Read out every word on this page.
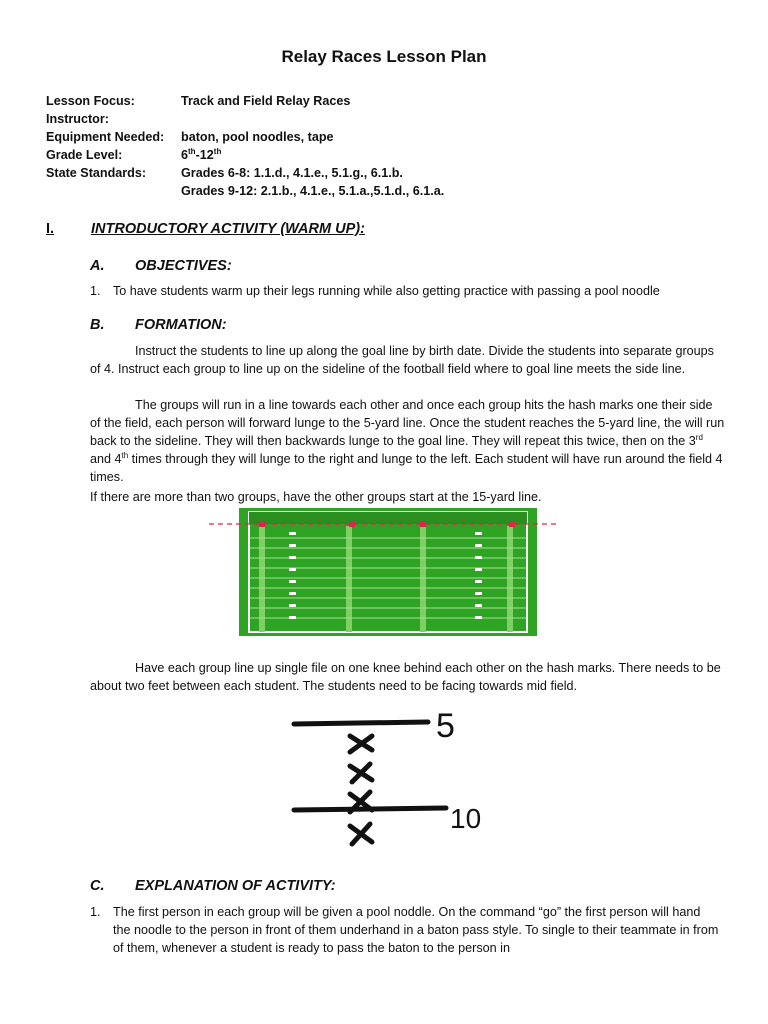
Relay Races Lesson Plan
Lesson Focus:	Track and Field Relay Races
Instructor:
Equipment Needed:	baton, pool noodles, tape
Grade Level:	6th-12th
State Standards:	Grades 6-8: 1.1.d., 4.1.e., 5.1.g., 6.1.b.
Grades 9-12: 2.1.b., 4.1.e., 5.1.a.,5.1.d., 6.1.a.
I.	INTRODUCTORY ACTIVITY (WARM UP):
A. OBJECTIVES:
1. To have students warm up their legs running while also getting practice with passing a pool noodle
B. FORMATION:
Instruct the students to line up along the goal line by birth date. Divide the students into separate groups of 4. Instruct each group to line up on the sideline of the football field where to goal line meets the side line.
The groups will run in a line towards each other and once each group hits the hash marks one their side of the field, each person will forward lunge to the 5-yard line. Once the student reaches the 5-yard line, the will run back to the sideline. They will then backwards lunge to the goal line. They will repeat this twice, then on the 3rd and 4th times through they will lunge to the right and lunge to the left. Each student will have run around the field 4 times.
If there are more than two groups, have the other groups start at the 15-yard line.
Have each group line up single file on one knee behind each other on the hash marks. There needs to be about two feet between each student. The students need to be facing towards mid field.
5
10
C. EXPLANATION OF ACTIVITY:
1. The first person in each group will be given a pool noddle. On the command “go” the first person will hand the noodle to the person in front of them underhand in a baton pass style. To single to their teammate in from of them, whenever a student is ready to pass the baton to the person in
